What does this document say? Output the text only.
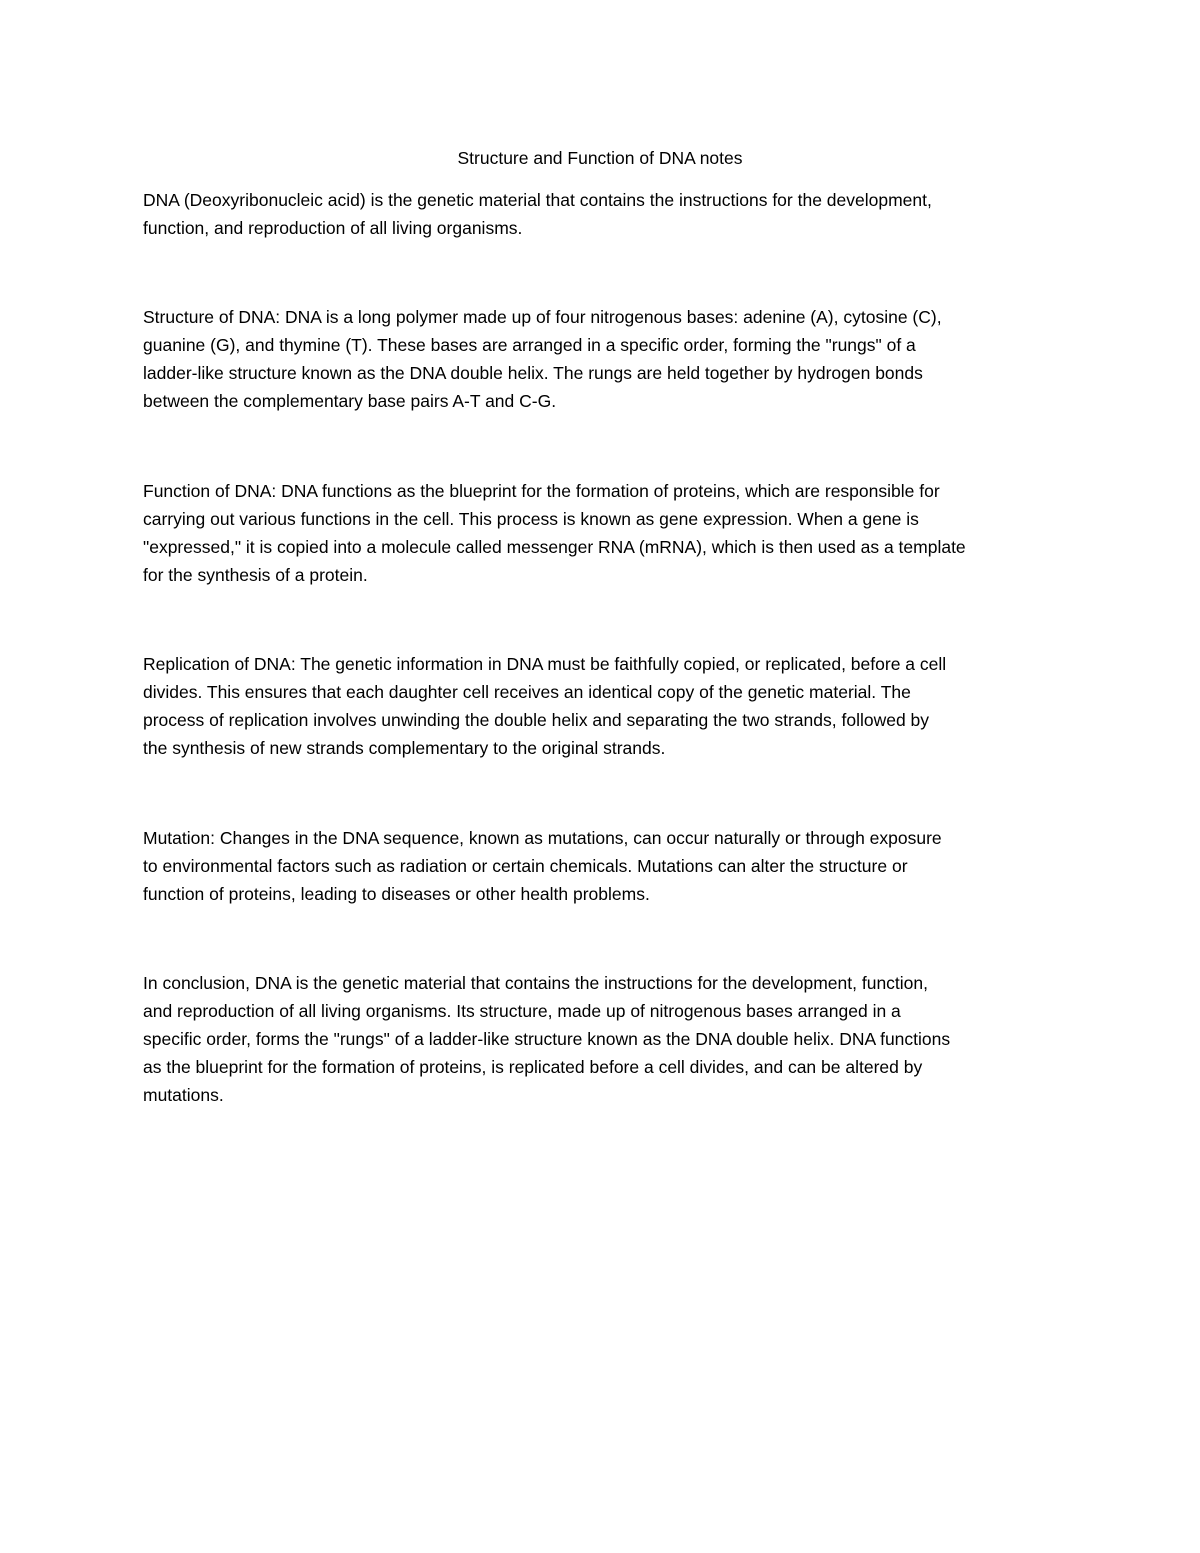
Structure and Function of DNA notes

DNA (Deoxyribonucleic acid) is the genetic material that contains the instructions for the development,
function, and reproduction of all living organisms.

Structure of DNA: DNA is a long polymer made up of four nitrogenous bases: adenine (A), cytosine (C),
guanine (G), and thymine (T). These bases are arranged in a specific order, forming the "rungs" of a
ladder-like structure known as the DNA double helix. The rungs are held together by hydrogen bonds
between the complementary base pairs A-T and C-G.

Function of DNA: DNA functions as the blueprint for the formation of proteins, which are responsible for
carrying out various functions in the cell. This process is known as gene expression. When a gene is
"expressed," it is copied into a molecule called messenger RNA (mRNA), which is then used as a template
for the synthesis of a protein.

Replication of DNA: The genetic information in DNA must be faithfully copied, or replicated, before a cell
divides. This ensures that each daughter cell receives an identical copy of the genetic material. The
process of replication involves unwinding the double helix and separating the two strands, followed by
the synthesis of new strands complementary to the original strands.

Mutation: Changes in the DNA sequence, known as mutations, can occur naturally or through exposure
to environmental factors such as radiation or certain chemicals. Mutations can alter the structure or
function of proteins, leading to diseases or other health problems.

In conclusion, DNA is the genetic material that contains the instructions for the development, function,
and reproduction of all living organisms. Its structure, made up of nitrogenous bases arranged in a
specific order, forms the "rungs" of a ladder-like structure known as the DNA double helix. DNA functions
as the blueprint for the formation of proteins, is replicated before a cell divides, and can be altered by
mutations.
